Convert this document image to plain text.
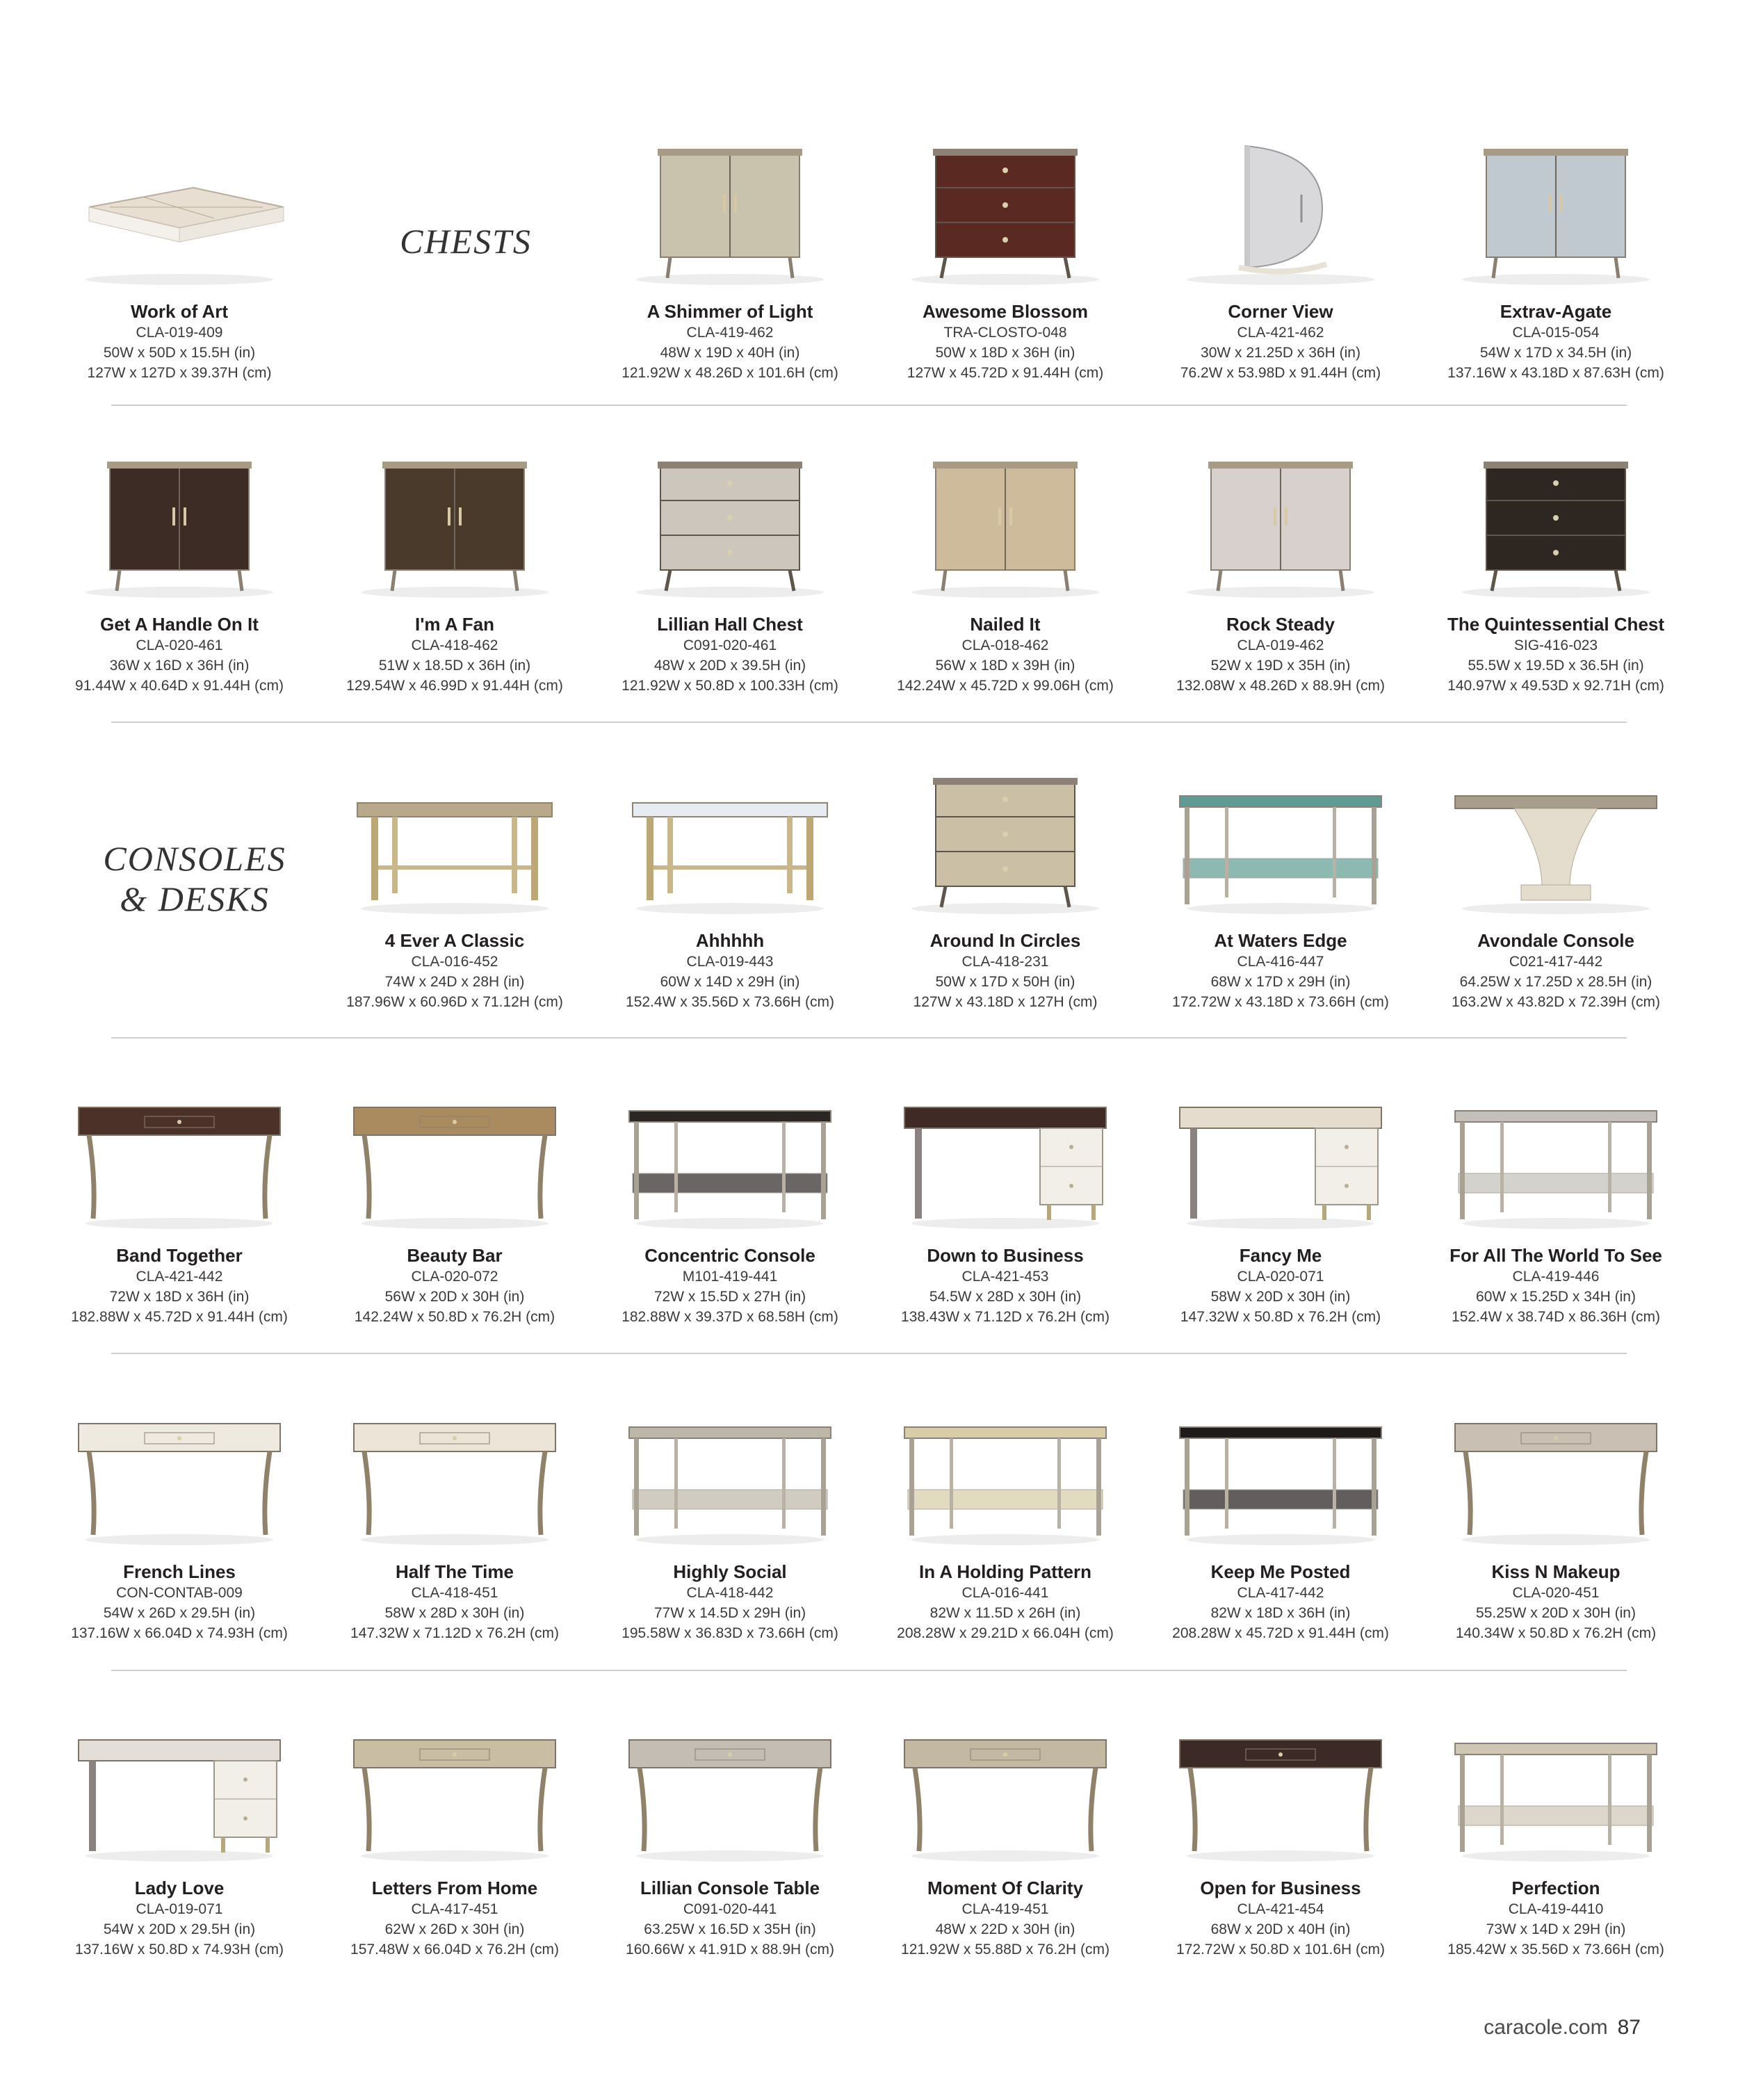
Work of Art
CLA-019-409
50W x 50D x 15.5H (in)
127W x 127D x 39.37H (cm)
A Shimmer of Light
CLA-419-462
48W x 19D x 40H (in)
121.92W x 48.26D x 101.6H (cm)
Awesome Blossom
TRA-CLOSTO-048
50W x 18D x 36H (in)
127W x 45.72D x 91.44H (cm)
Corner View
CLA-421-462
30W x 21.25D x 36H (in)
76.2W x 53.98D x 91.44H (cm)
Extrav-Agate
CLA-015-054
54W x 17D x 34.5H (in)
137.16W x 43.18D x 87.63H (cm)
Get A Handle On It
CLA-020-461
36W x 16D x 36H (in)
91.44W x 40.64D x 91.44H (cm)
I'm A Fan
CLA-418-462
51W x 18.5D x 36H (in)
129.54W x 46.99D x 91.44H (cm)
Lillian Hall Chest
C091-020-461
48W x 20D x 39.5H (in)
121.92W x 50.8D x 100.33H (cm)
Nailed It
CLA-018-462
56W x 18D x 39H (in)
142.24W x 45.72D x 99.06H (cm)
Rock Steady
CLA-019-462
52W x 19D x 35H (in)
132.08W x 48.26D x 88.9H (cm)
The Quintessential Chest
SIG-416-023
55.5W x 19.5D x 36.5H (in)
140.97W x 49.53D x 92.71H (cm)
4 Ever A Classic
CLA-016-452
74W x 24D x 28H (in)
187.96W x 60.96D x 71.12H (cm)
Ahhhhh
CLA-019-443
60W x 14D x 29H (in)
152.4W x 35.56D x 73.66H (cm)
Around In Circles
CLA-418-231
50W x 17D x 50H (in)
127W x 43.18D x 127H (cm)
At Waters Edge
CLA-416-447
68W x 17D x 29H (in)
172.72W x 43.18D x 73.66H (cm)
Avondale Console
C021-417-442
64.25W x 17.25D x 28.5H (in)
163.2W x 43.82D x 72.39H (cm)
Band Together
CLA-421-442
72W x 18D x 36H (in)
182.88W x 45.72D x 91.44H (cm)
Beauty Bar
CLA-020-072
56W x 20D x 30H (in)
142.24W x 50.8D x 76.2H (cm)
Concentric Console
M101-419-441
72W x 15.5D x 27H (in)
182.88W x 39.37D x 68.58H (cm)
Down to Business
CLA-421-453
54.5W x 28D x 30H (in)
138.43W x 71.12D x 76.2H (cm)
Fancy Me
CLA-020-071
58W x 20D x 30H (in)
147.32W x 50.8D x 76.2H (cm)
For All The World To See
CLA-419-446
60W x 15.25D x 34H (in)
152.4W x 38.74D x 86.36H (cm)
French Lines
CON-CONTAB-009
54W x 26D x 29.5H (in)
137.16W x 66.04D x 74.93H (cm)
Half The Time
CLA-418-451
58W x 28D x 30H (in)
147.32W x 71.12D x 76.2H (cm)
Highly Social
CLA-418-442
77W x 14.5D x 29H (in)
195.58W x 36.83D x 73.66H (cm)
In A Holding Pattern
CLA-016-441
82W x 11.5D x 26H (in)
208.28W x 29.21D x 66.04H (cm)
Keep Me Posted
CLA-417-442
82W x 18D x 36H (in)
208.28W x 45.72D x 91.44H (cm)
Kiss N Makeup
CLA-020-451
55.25W x 20D x 30H (in)
140.34W x 50.8D x 76.2H (cm)
Lady Love
CLA-019-071
54W x 20D x 29.5H (in)
137.16W x 50.8D x 74.93H (cm)
Letters From Home
CLA-417-451
62W x 26D x 30H (in)
157.48W x 66.04D x 76.2H (cm)
Lillian Console Table
C091-020-441
63.25W x 16.5D x 35H (in)
160.66W x 41.91D x 88.9H (cm)
Moment Of Clarity
CLA-419-451
48W x 22D x 30H (in)
121.92W x 55.88D x 76.2H (cm)
Open for Business
CLA-421-454
68W x 20D x 40H (in)
172.72W x 50.8D x 101.6H (cm)
Perfection
CLA-419-4410
73W x 14D x 29H (in)
185.42W x 35.56D x 73.66H (cm)
CHESTS
CONSOLES
& DESKS
caracole.com 87
